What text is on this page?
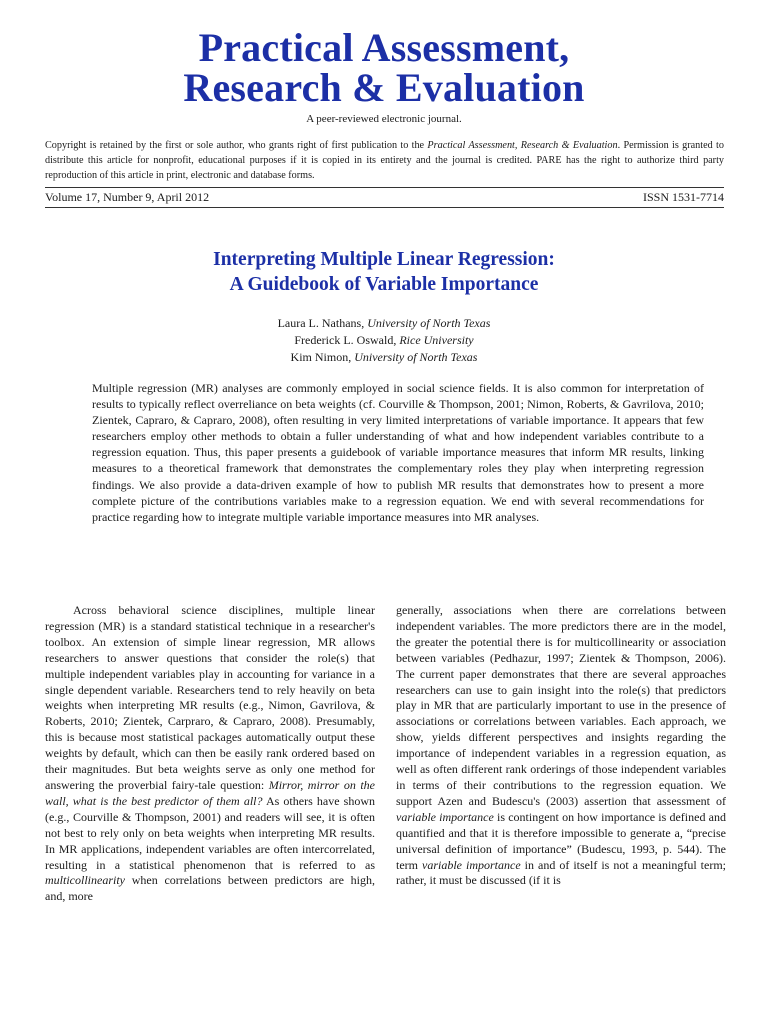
Practical Assessment,
Research & Evaluation
A peer-reviewed electronic journal.
Copyright is retained by the first or sole author, who grants right of first publication to the Practical Assessment, Research & Evaluation. Permission is granted to distribute this article for nonprofit, educational purposes if it is copied in its entirety and the journal is credited. PARE has the right to authorize third party reproduction of this article in print, electronic and database forms.
Volume 17, Number 9, April 2012	ISSN 1531-7714
Interpreting Multiple Linear Regression:
A Guidebook of Variable Importance
Laura L. Nathans, University of North Texas
Frederick L. Oswald, Rice University
Kim Nimon, University of North Texas
Multiple regression (MR) analyses are commonly employed in social science fields. It is also common for interpretation of results to typically reflect overreliance on beta weights (cf. Courville & Thompson, 2001; Nimon, Roberts, & Gavrilova, 2010; Zientek, Capraro, & Capraro, 2008), often resulting in very limited interpretations of variable importance. It appears that few researchers employ other methods to obtain a fuller understanding of what and how independent variables contribute to a regression equation. Thus, this paper presents a guidebook of variable importance measures that inform MR results, linking measures to a theoretical framework that demonstrates the complementary roles they play when interpreting regression findings. We also provide a data-driven example of how to publish MR results that demonstrates how to present a more complete picture of the contributions variables make to a regression equation. We end with several recommendations for practice regarding how to integrate multiple variable importance measures into MR analyses.

Across behavioral science disciplines, multiple linear regression (MR) is a standard statistical technique in a researcher's toolbox. An extension of simple linear regression, MR allows researchers to answer questions that consider the role(s) that multiple independent variables play in accounting for variance in a single dependent variable. Researchers tend to rely heavily on beta weights when interpreting MR results (e.g., Nimon, Gavrilova, & Roberts, 2010; Zientek, Carpraro, & Capraro, 2008). Presumably, this is because most statistical packages automatically output these weights by default, which can then be easily rank ordered based on their magnitudes. But beta weights serve as only one method for answering the proverbial fairy-tale question: Mirror, mirror on the wall, what is the best predictor of them all? As others have shown (e.g., Courville & Thompson, 2001) and readers will see, it is often not best to rely only on beta weights when interpreting MR results. In MR applications, independent variables are often intercorrelated, resulting in a statistical phenomenon that is referred to as multicollinearity when correlations between predictors are high, and, more

generally, associations when there are correlations between independent variables. The more predictors there are in the model, the greater the potential there is for multicollinearity or association between variables (Pedhazur, 1997; Zientek & Thompson, 2006). The current paper demonstrates that there are several approaches researchers can use to gain insight into the role(s) that predictors play in MR that are particularly important to use in the presence of associations or correlations between variables. Each approach, we show, yields different perspectives and insights regarding the importance of independent variables in a regression equation, as well as often different rank orderings of those independent variables in terms of their contributions to the regression equation. We support Azen and Budescu's (2003) assertion that assessment of variable importance is contingent on how importance is defined and quantified and that it is therefore impossible to generate a, “precise universal definition of importance” (Budescu, 1993, p. 544). The term variable importance in and of itself is not a meaningful term; rather, it must be discussed (if it is
